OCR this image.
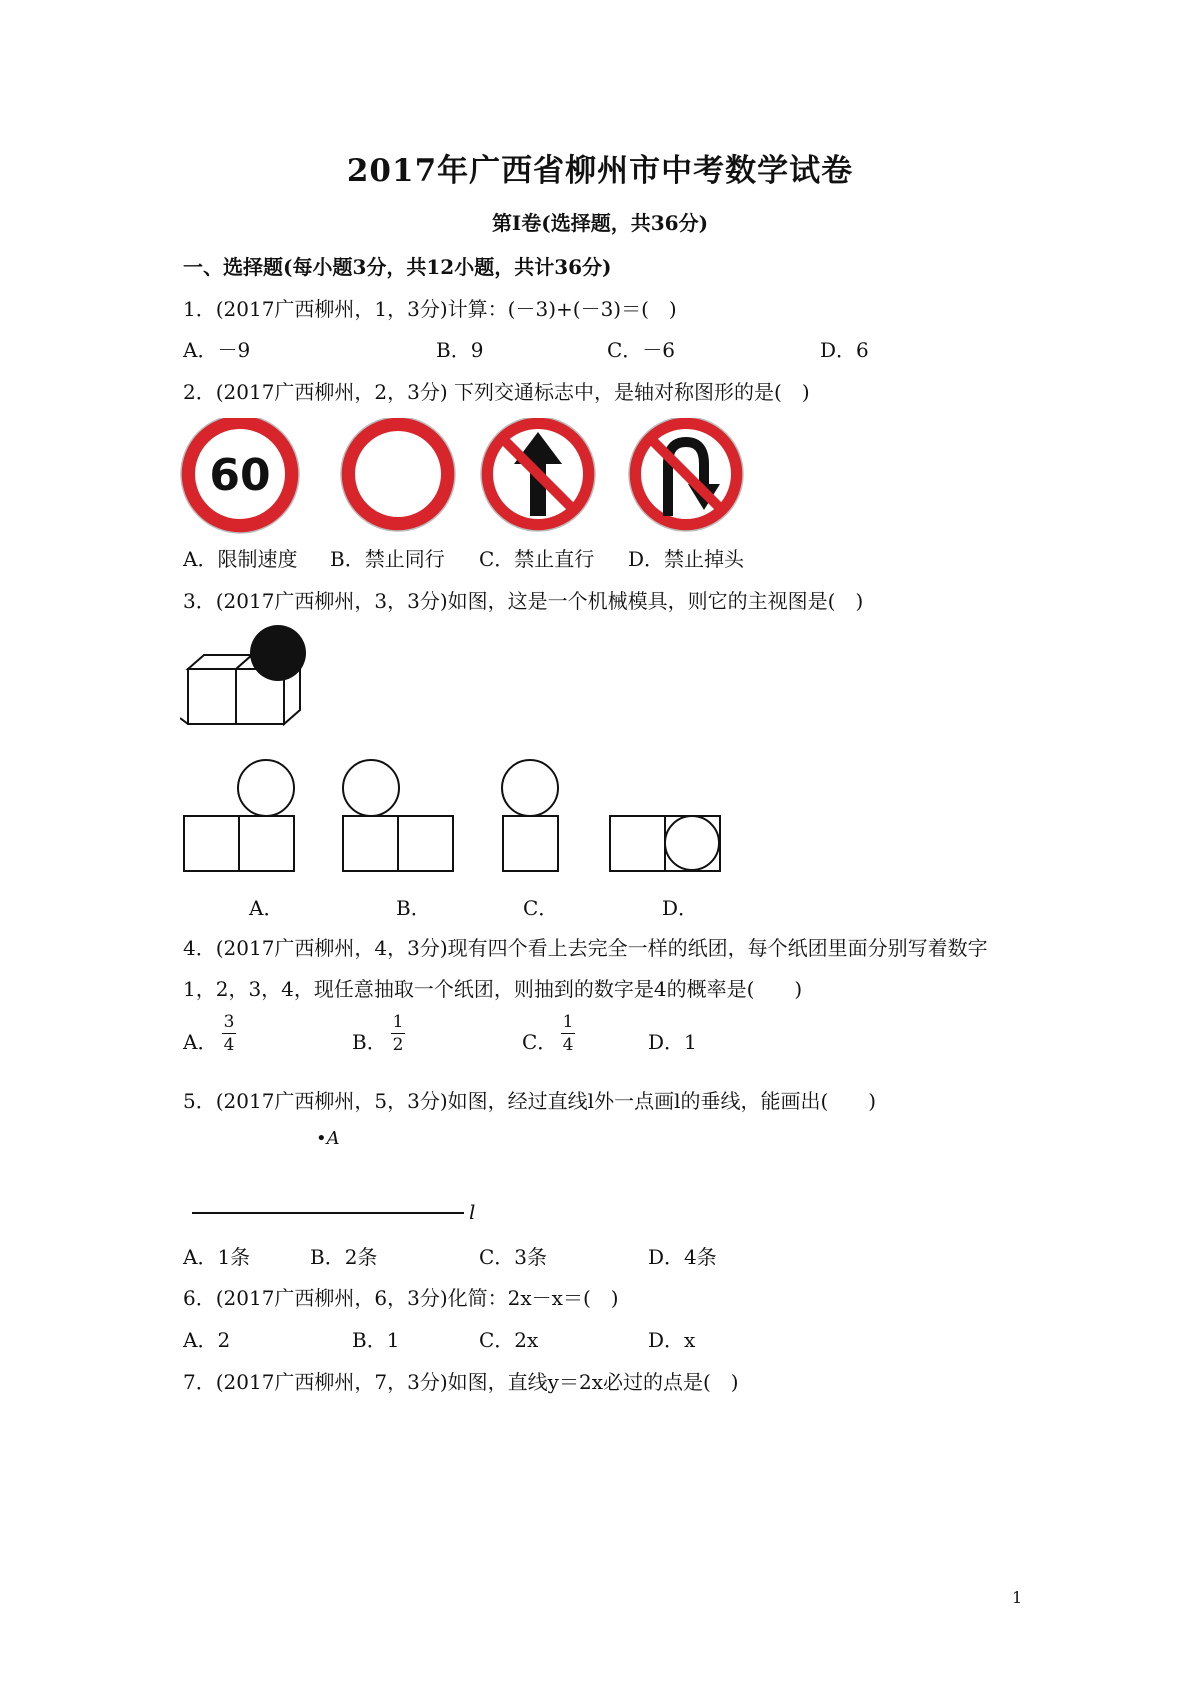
2017年广西省柳州市中考数学试卷
第Ⅰ卷(选择题，共36分)
一、选择题(每小题3分，共12小题，共计36分)
1．(2017广西柳州，1，3分)计算：(－3)+(－3)＝(　)
A．－9	B．9	C．－6	D．6
2．(2017广西柳州，2，3分) 下列交通标志中，是轴对称图形的是(　)
60
A．限制速度 B．禁止同行 C．禁止直行 D．禁止掉头
3．(2017广西柳州，3，3分)如图，这是一个机械模具，则它的主视图是(　)
A．	B．	C．	D．
4．(2017广西柳州，4，3分)现有四个看上去完全一样的纸团，每个纸团里面分别写着数字
1，2，3，4，现任意抽取一个纸团，则抽到的数字是4的概率是(　　)
A．
3
4	B．
1
2	C．
1
4	D．1
5．(2017广西柳州，5，3分)如图，经过直线l外一点画l的垂线，能画出(　　)
•A
l
A．1条	B．2条	C．3条	D．4条
6．(2017广西柳州，6，3分)化简：2x－x＝(　)
A．2	B．1	C．2x	D．x
7．(2017广西柳州，7，3分)如图，直线y＝2x必过的点是(　)
1
